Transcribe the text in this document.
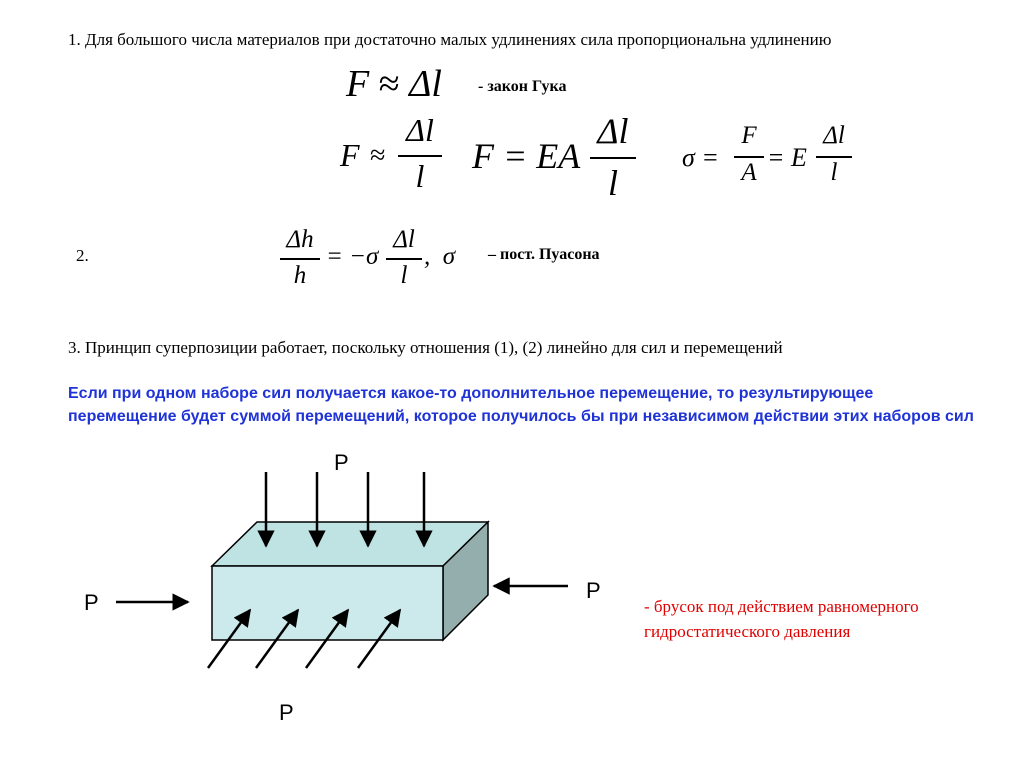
1. Для большого числа материалов при достаточно малых удлинениях сила пропорциональна удлинению
F ≈ Δl - закон Гука
F ≈
Δl
l	F = EA
Δl
l
σ =
F
A
= E
Δl
l
2.
Δh
h
= −σ
Δl
l
,  σ – пост. Пуасона
3. Принцип суперпозиции работает, поскольку отношения (1), (2) линейно для сил и перемещений
Если при одном наборе сил получается какое-то дополнительное перемещение, то результирующее перемещение будет суммой перемещений, которое получилось бы при независимом действии этих наборов сил
P
P	P
P
- брусок под действием равномерного гидростатического давления
